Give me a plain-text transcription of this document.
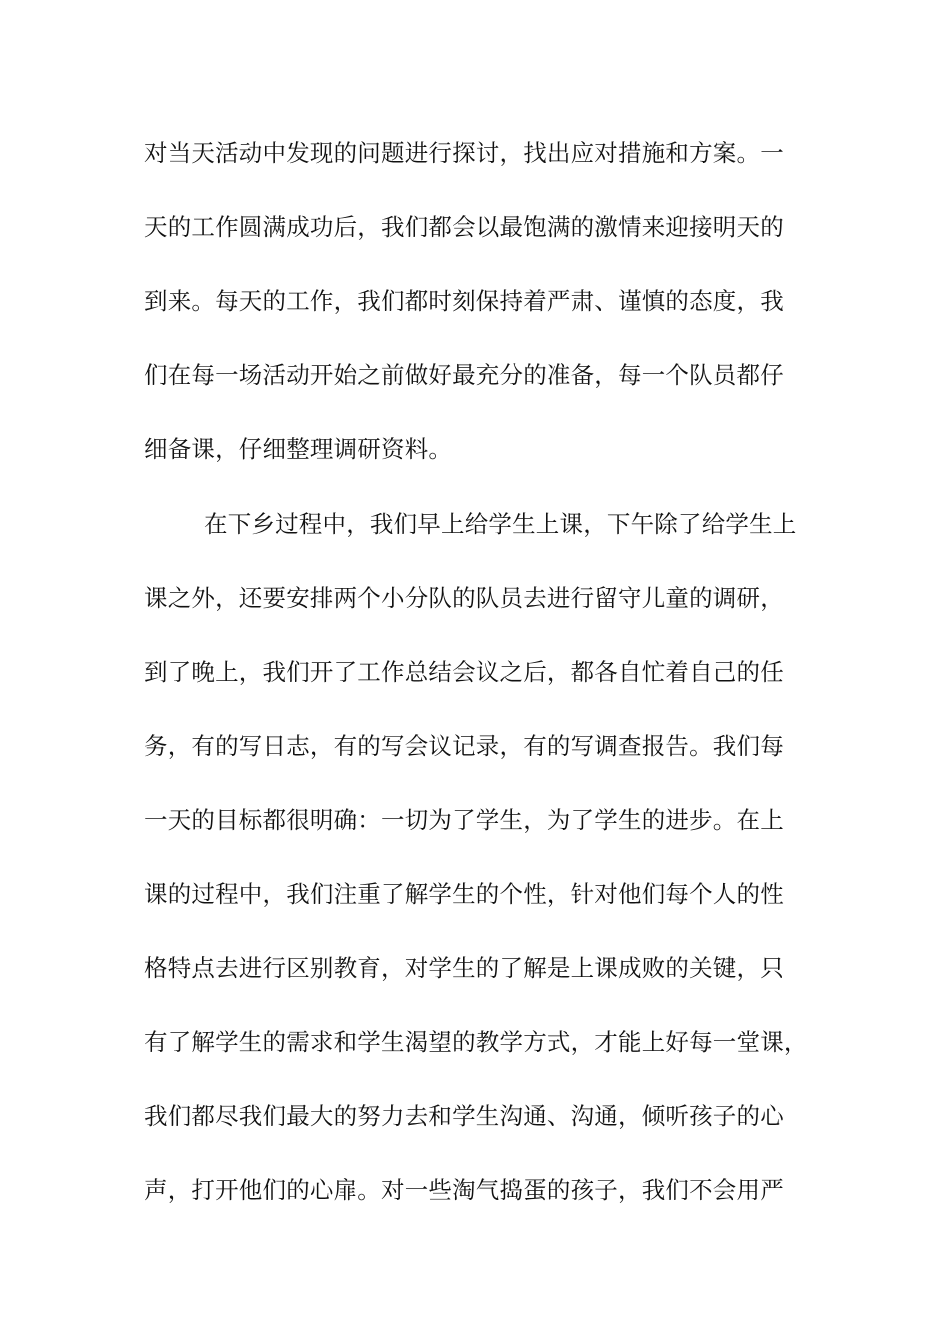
对当天活动中发现的问题进行探讨，找出应对措施和方案。一
天的工作圆满成功后，我们都会以最饱满的激情来迎接明天的
到来。每天的工作，我们都时刻保持着严肃、谨慎的态度，我
们在每一场活动开始之前做好最充分的准备，每一个队员都仔
细备课，仔细整理调研资料。
在下乡过程中，我们早上给学生上课，下午除了给学生上
课之外，还要安排两个小分队的队员去进行留守儿童的调研，
到了晚上，我们开了工作总结会议之后，都各自忙着自己的任
务，有的写日志，有的写会议记录，有的写调查报告。我们每
一天的目标都很明确：一切为了学生，为了学生的进步。在上
课的过程中，我们注重了解学生的个性，针对他们每个人的性
格特点去进行区别教育，对学生的了解是上课成败的关键，只
有了解学生的需求和学生渴望的教学方式，才能上好每一堂课，
我们都尽我们最大的努力去和学生沟通、沟通，倾听孩子的心
声，打开他们的心扉。对一些淘气捣蛋的孩子，我们不会用严
